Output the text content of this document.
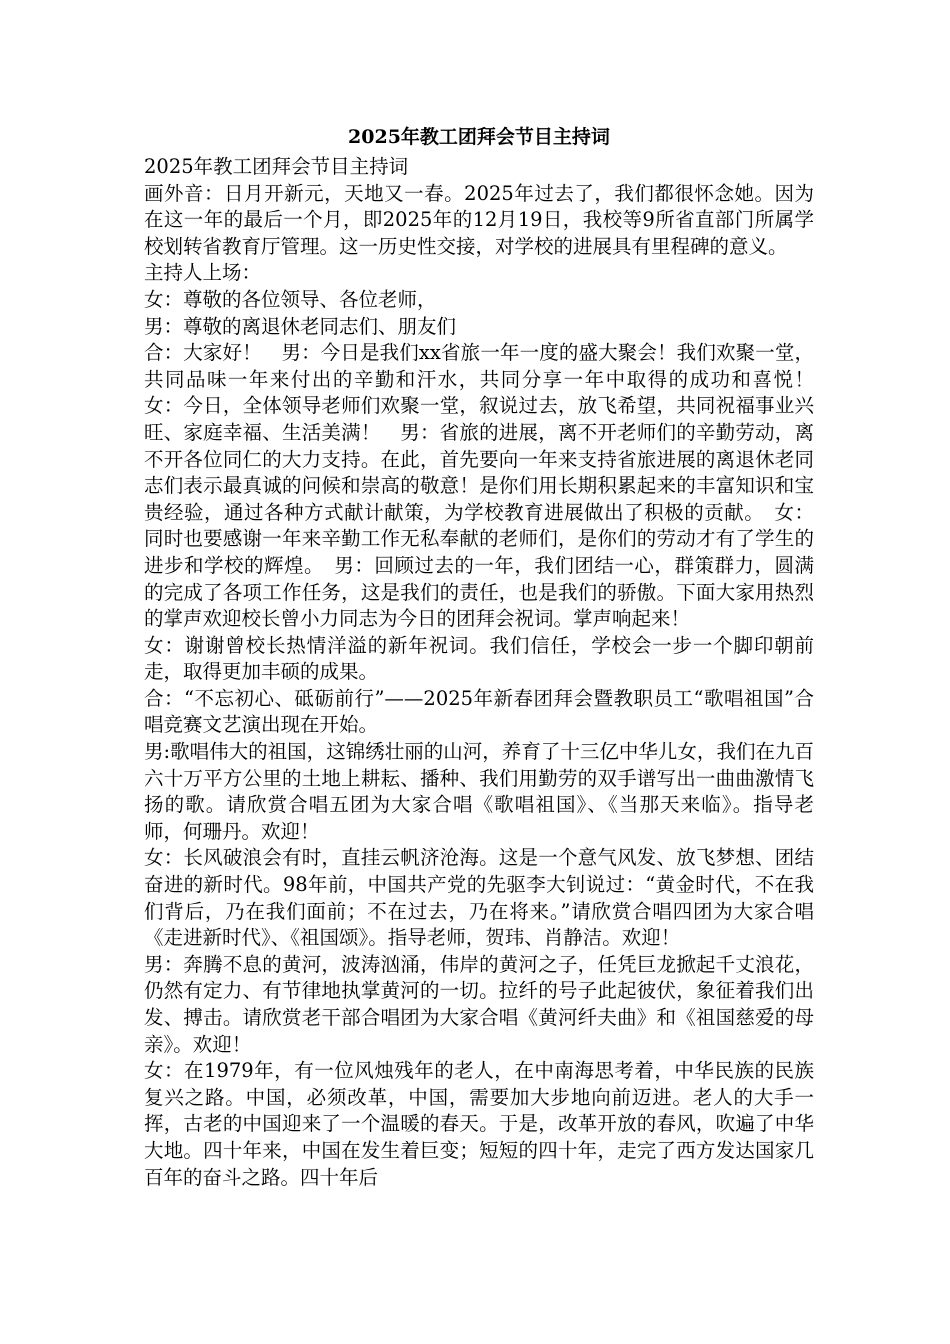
2025年教工团拜会节目主持词

2025年教工团拜会节目主持词

画外音：日月开新元，天地又一春。2025年过去了，我们都很怀念她。因为在这一年的最后一个月，即2025年的12月19日，我校等9所省直部门所属学校划转省教育厅管理。这一历史性交接，对学校的进展具有里程碑的意义。

主持人上场：

女：尊敬的各位领导、各位老师，

男：尊敬的离退休老同志们、朋友们

合：大家好！　男：今日是我们xx省旅一年一度的盛大聚会！我们欢聚一堂，共同品味一年来付出的辛勤和汗水，共同分享一年中取得的成功和喜悦！　女：今日，全体领导老师们欢聚一堂，叙说过去，放飞希望，共同祝福事业兴旺、家庭幸福、生活美满！　男：省旅的进展，离不开老师们的辛勤劳动，离不开各位同仁的大力支持。在此，首先要向一年来支持省旅进展的离退休老同志们表示最真诚的问候和崇高的敬意！是你们用长期积累起来的丰富知识和宝贵经验，通过各种方式献计献策，为学校教育进展做出了积极的贡献。　女：同时也要感谢一年来辛勤工作无私奉献的老师们，是你们的劳动才有了学生的进步和学校的辉煌。　男：回顾过去的一年，我们团结一心，群策群力，圆满的完成了各项工作任务，这是我们的责任，也是我们的骄傲。下面大家用热烈的掌声欢迎校长曾小力同志为今日的团拜会祝词。掌声响起来！

女：谢谢曾校长热情洋溢的新年祝词。我们信任，学校会一步一个脚印朝前走，取得更加丰硕的成果。

合：“不忘初心、砥砺前行”——2025年新春团拜会暨教职员工“歌唱祖国”合唱竞赛文艺演出现在开始。

男:歌唱伟大的祖国，这锦绣壮丽的山河，养育了十三亿中华儿女，我们在九百六十万平方公里的土地上耕耘、播种、我们用勤劳的双手谱写出一曲曲激情飞扬的歌。请欣赏合唱五团为大家合唱《歌唱祖国》、《当那天来临》。指导老师，何珊丹。欢迎！

女：长风破浪会有时，直挂云帆济沧海。这是一个意气风发、放飞梦想、团结奋进的新时代。98年前，中国共产党的先驱李大钊说过：“黄金时代，不在我们背后，乃在我们面前；不在过去，乃在将来。”请欣赏合唱四团为大家合唱《走进新时代》、《祖国颂》。指导老师，贺玮、肖静洁。欢迎！

男：奔腾不息的黄河，波涛汹涌，伟岸的黄河之子，任凭巨龙掀起千丈浪花，仍然有定力、有节律地执掌黄河的一切。拉纤的号子此起彼伏，象征着我们出发、搏击。请欣赏老干部合唱团为大家合唱《黄河纤夫曲》和《祖国慈爱的母亲》。欢迎！

女：在1979年，有一位风烛残年的老人，在中南海思考着，中华民族的民族复兴之路。中国，必须改革，中国，需要加大步地向前迈进。老人的大手一挥，古老的中国迎来了一个温暖的春天。于是，改革开放的春风，吹遍了中华大地。四十年来，中国在发生着巨变；短短的四十年，走完了西方发达国家几百年的奋斗之路。四十年后
